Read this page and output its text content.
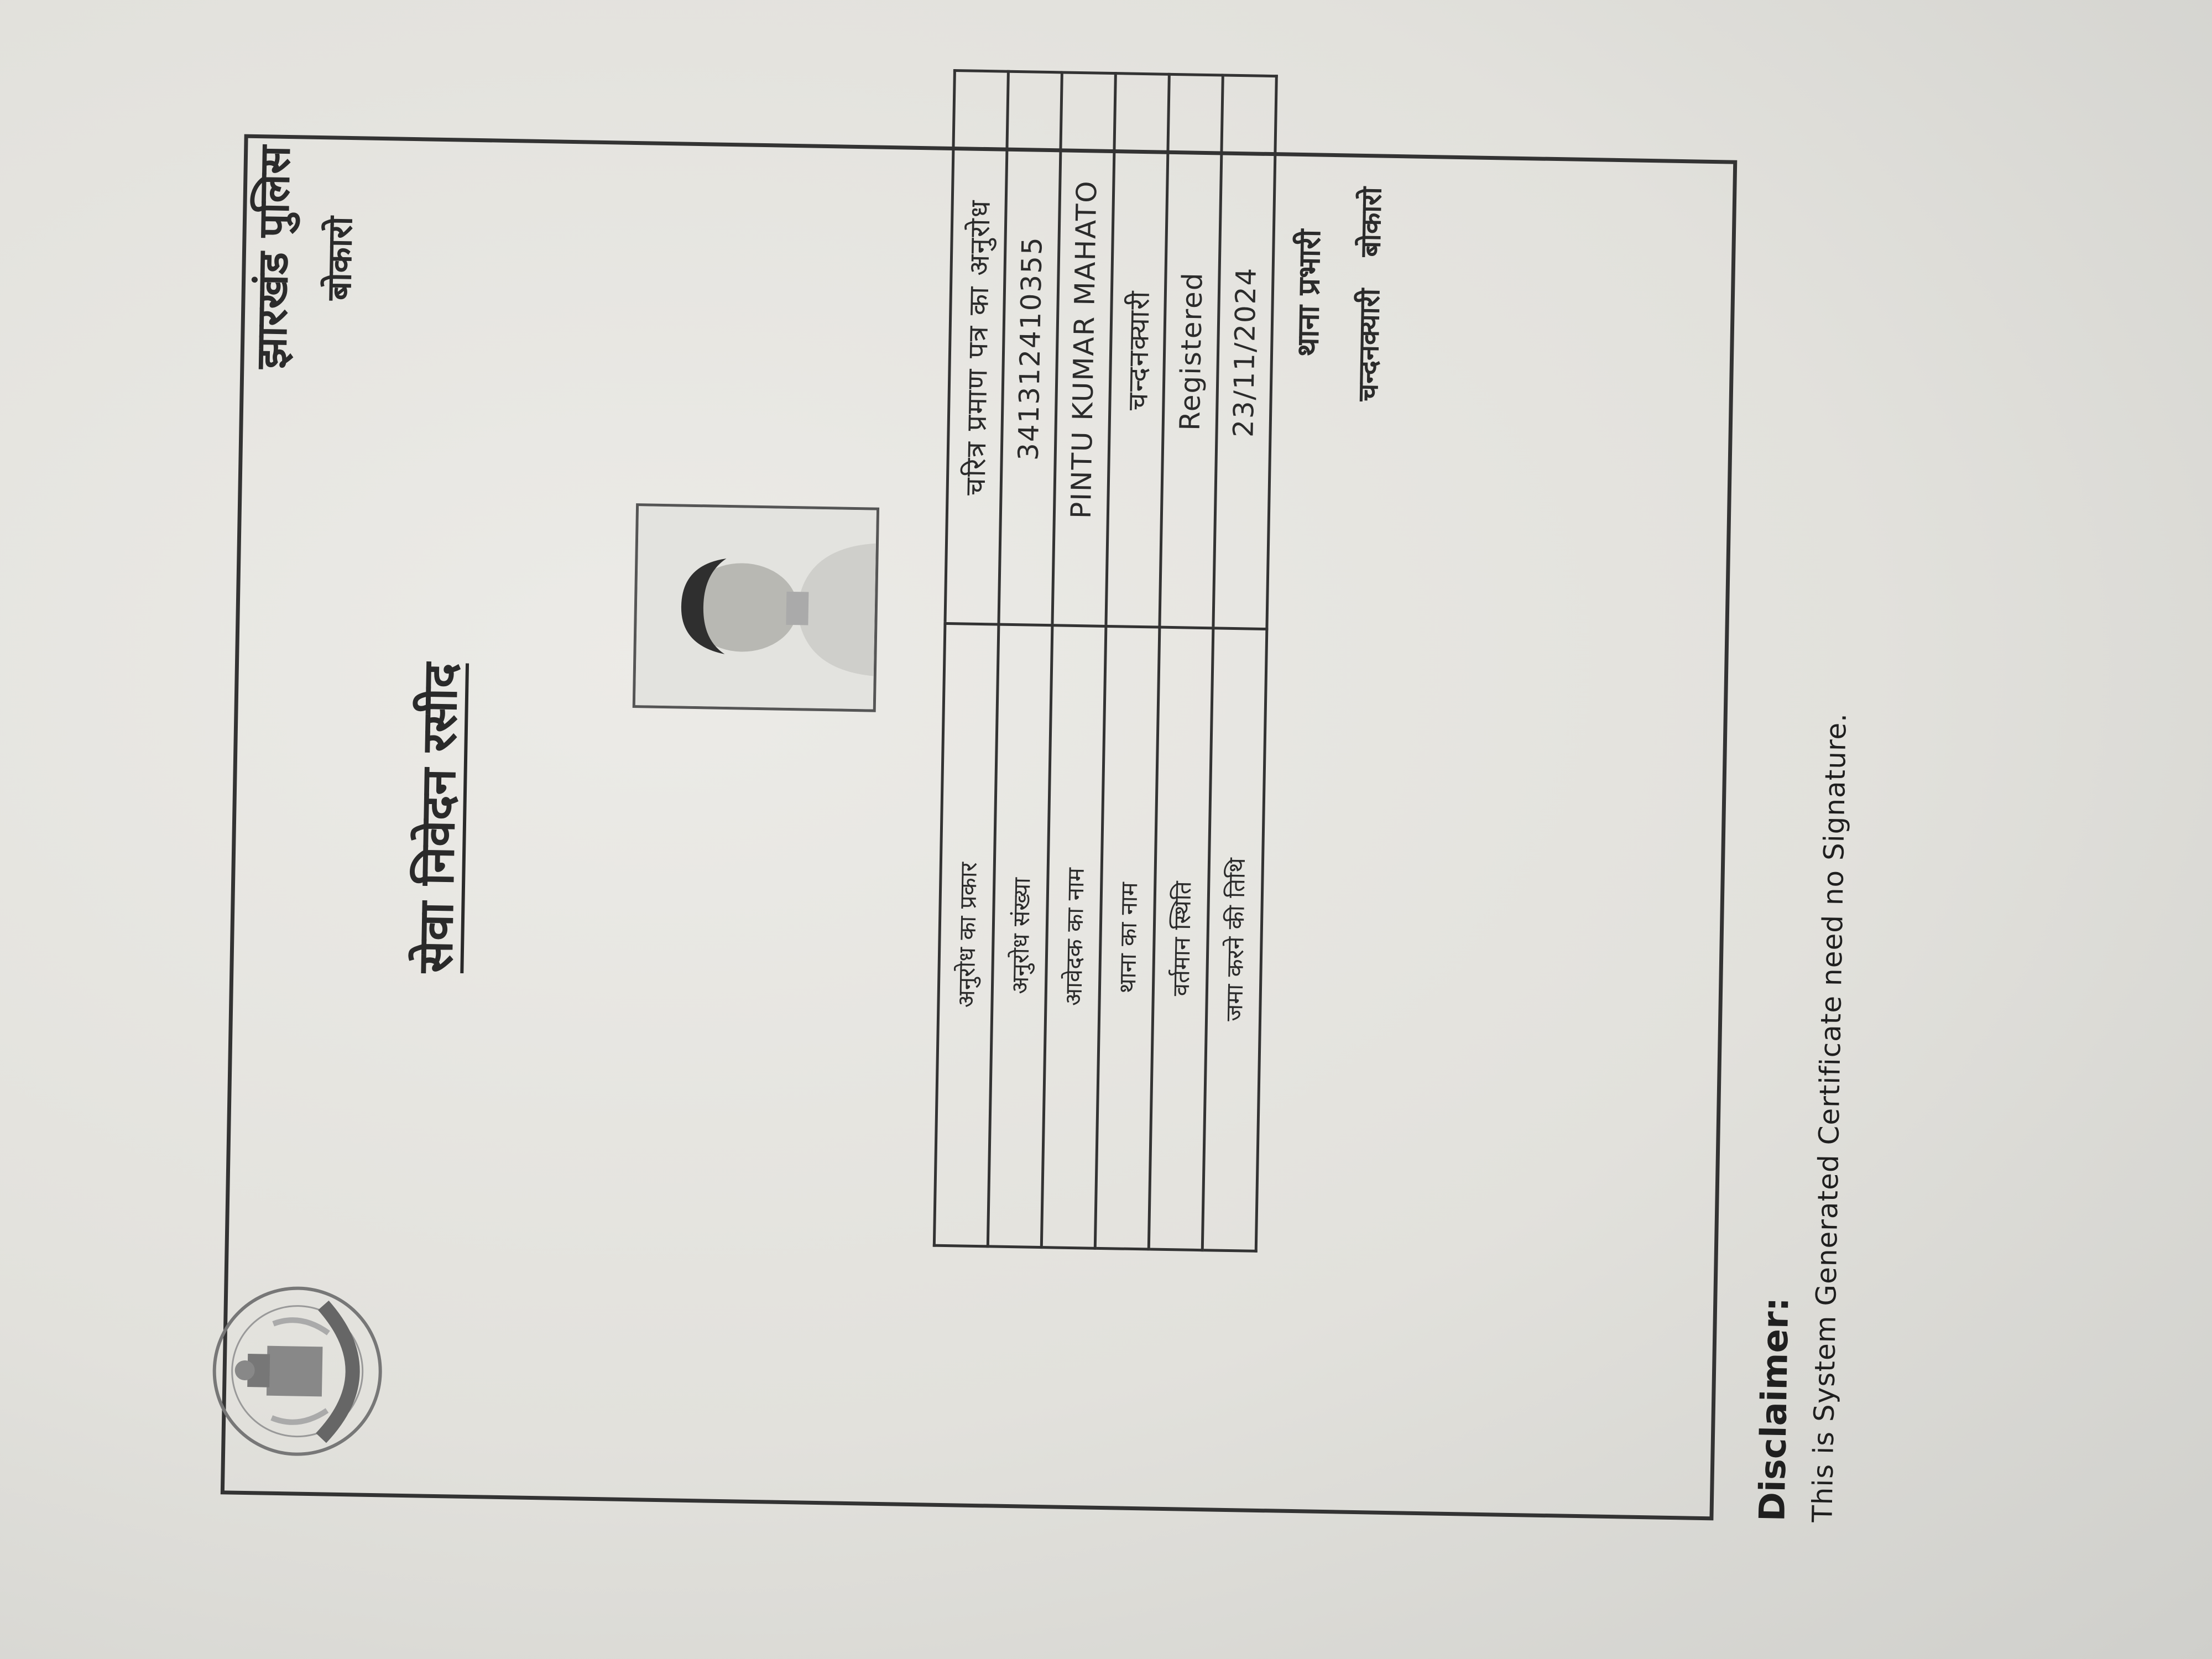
झारखंड पुलिस बोकारो
सेवा निवेदन रसीद	अनुरोध का प्रकार	चरित्र प्रमाण पत्र का अनुरोध
अनुरोध संख्या	341312410355
आवेदक का नाम	PINTU KUMAR MAHATO
थाना का नाम	चन्दनक्यारी
वर्तमान स्थिति	Registered
जमा करने की तिथि	23/11/2024 थाना प्रभारी चन्दनक्यारी बोकारो
Disclaimer: This is System Generated Certificate need no Signature.
